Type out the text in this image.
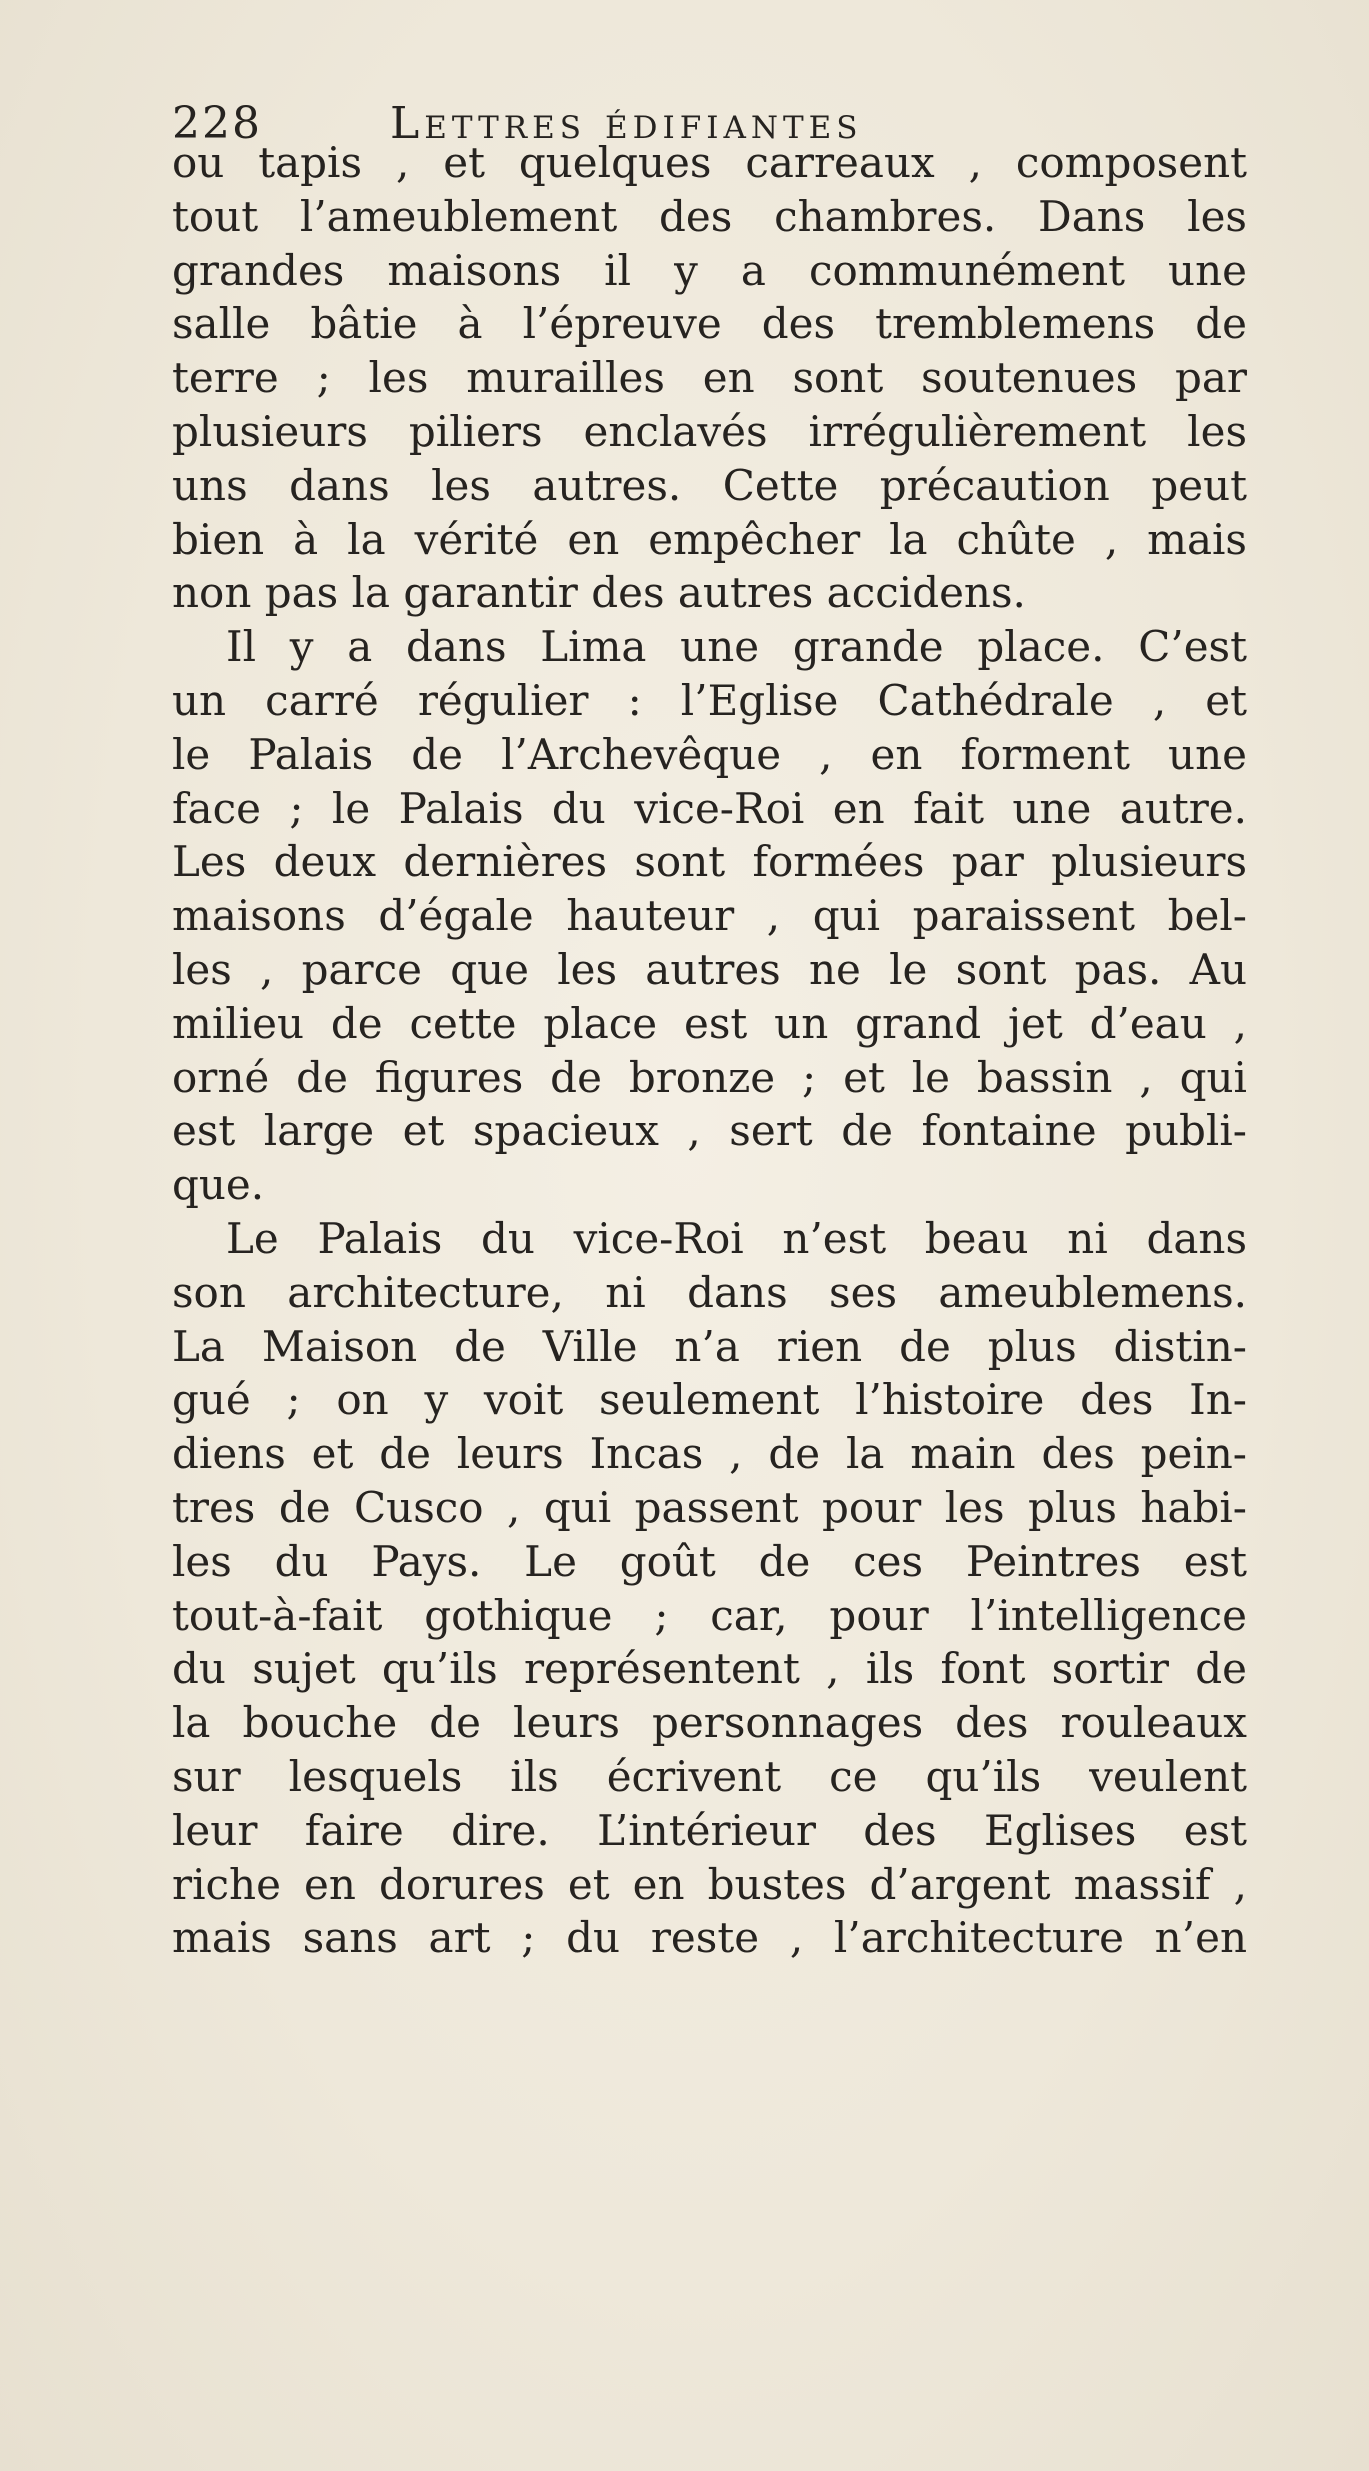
228	Lettres édifiantes
ou tapis , et quelques carreaux , composent
tout l’ameublement des chambres. Dans les
grandes maisons il y a communément une
salle bâtie à l’épreuve des tremblemens de
terre ; les murailles en sont soutenues par
plusieurs piliers enclavés irrégulièrement les
uns dans les autres. Cette précaution peut
bien à la vérité en empêcher la chûte , mais
non pas la garantir des autres accidens.
Il y a dans Lima une grande place. C’est
un carré régulier : l’Eglise Cathédrale , et
le Palais de l’Archevêque , en forment une
face ; le Palais du vice-Roi en fait une autre.
Les deux dernières sont formées par plusieurs
maisons d’égale hauteur , qui paraissent bel-
les , parce que les autres ne le sont pas. Au
milieu de cette place est un grand jet d’eau ,
orné de figures de bronze ; et le bassin , qui
est large et spacieux , sert de fontaine publi-
que.
Le Palais du vice-Roi n’est beau ni dans
son architecture, ni dans ses ameublemens.
La Maison de Ville n’a rien de plus distin-
gué ; on y voit seulement l’histoire des In-
diens et de leurs Incas , de la main des pein-
tres de Cusco , qui passent pour les plus habi-
les du Pays. Le goût de ces Peintres est
tout-à-fait gothique ; car, pour l’intelligence
du sujet qu’ils représentent , ils font sortir de
la bouche de leurs personnages des rouleaux
sur lesquels ils écrivent ce qu’ils veulent
leur faire dire. L’intérieur des Eglises est
riche en dorures et en bustes d’argent massif ,
mais sans art ; du reste , l’architecture n’en
